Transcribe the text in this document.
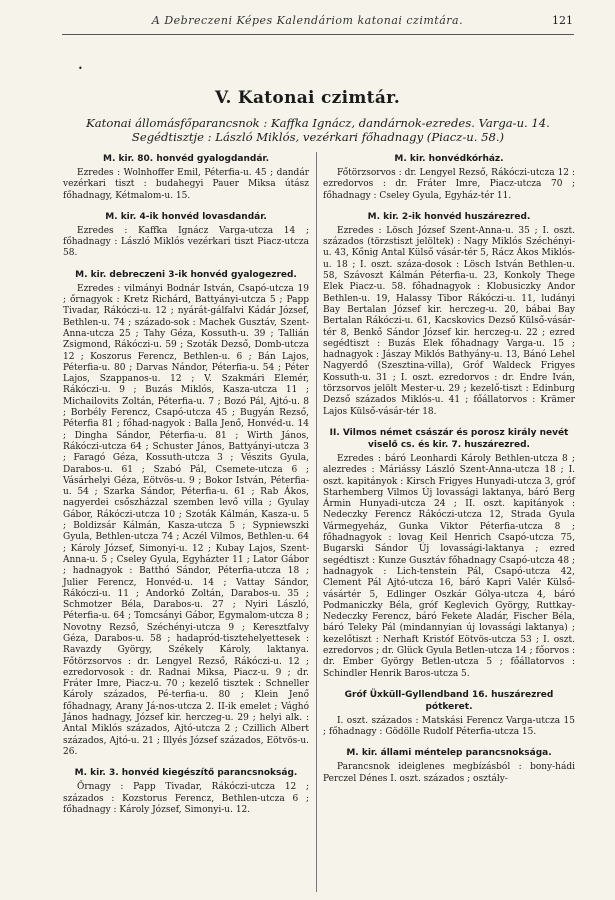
A Debreczeni Képes Kalendáriom katonai czimtára.	121
•
V. Katonai czimtár.
Katonai állomásfőparancsnok : Kaffka Ignácz, dandárnok-ezredes. Varga-u. 14.
Segédtisztje : László Miklós, vezérkari főhadnagy (Piacz-u. 58.)
M. kir. 80. honvéd gyalogdandár.

Ezredes : Wolnhoffer Emil, Péterfia-u. 45 ; dandár vezérkari tiszt : budahegyi Pauer Miksa útász főhadnagy, Kétmalom-u. 15.

M. kir. 4-ik honvéd lovasdandár.

Ezredes : Kaffka Ignácz Varga-utcza 14 ; főhadnagy : László Miklós vezérkari tiszt Piacz-utcza 58.

M. kir. debreczeni 3-ik honvéd gyalogezred.

Ezredes : vilmányi Bodnár István, Csapó-utcza 19 ; őrnagyok : Kretz Richárd, Battyányi-utcza 5 ; Papp Tivadar, Rákóczi-u. 12 ; nyárát-gálfalvi Kádár József, Bethlen-u. 74 ; százado-sok : Machek Gusztáv, Szent-Anna-utcza 25 ; Tahy Géza, Kossuth-u. 39 ; Tallián Zsigmond, Rákóczi-u. 59 ; Szoták Dezső, Domb-utcza 12 ; Koszorus Ferencz, Bethlen-u. 6 ; Bán Lajos, Péterfia-u. 80 ; Darvas Nándor, Péterfia-u. 54 ; Péter Lajos, Szappanos-u. 12 ; V. Szakmári Elemér, Rákóczi-u. 9 ; Buzás Miklós, Kasza-utcza 11 ; Michailovits Zoltán, Péterfia-u. 7 ; Bozó Pál, Ajtó-u. 8 ; Borbély Ferencz, Csapó-utcza 45 ; Bugyán Rezső, Péterfia 81 ; főhad-nagyok : Balla Jenő, Honvéd-u. 14 ; Dingha Sándor, Péterfia-u. 81 ; Wirth János, Rákóczi-utcza 64 ; Schuster János, Battyányi-utcza 3 ; Faragó Géza, Kossuth-utcza 3 ; Vészits Gyula, Darabos-u. 61 ; Szabó Pál, Csemete-utcza 6 ; Vásárhelyi Géza, Eötvös-u. 9 ; Bokor István, Péterfia-u. 54 ; Szarka Sándor, Péterfia-u. 61 ; Rab Ákos, nagyerdei csőszházzal szemben levő villa ; Gyulay Gábor, Rákóczi-utcza 10 ; Szoták Kálmán, Kasza-u. 5 ; Boldizsár Kálmán, Kasza-utcza 5 ; Sypniewszki Gyula, Bethlen-utcza 74 ; Aczél Vilmos, Bethlen-u. 64 ; Károly József, Simonyi-u. 12 ; Kubay Lajos, Szent-Anna-u. 5 ; Cseley Gyula, Egyházter 11 ; Lator Gábor ; hadnagyok : Batthó Sándor, Péterfia-utcza 18 ; Julier Ferencz, Honvéd-u. 14 ; Vattay Sándor, Rákóczi-u. 11 ; Andorkó Zoltán, Darabos-u. 35 ; Schmotzer Béla, Darabos-u. 27 ; Nyiri László, Péterfia-u. 64 ; Tomcsányi Gábor, Egymalom-utcza 8 ; Novotny Rezső, Széchényi-utcza 9 ; Keresztfalvy Géza, Darabos-u. 58 ; hadapród-tisztehelyettesek : Ravazdy György, Székely Károly, laktanya. Főtörzsorvos : dr. Lengyel Rezső, Rákóczi-u. 12 ; ezredorvosok : dr. Radnai Miksa, Piacz-u. 9 ; dr. Fráter Imre, Piacz-u. 70 ; kezelő tisztek : Schneller Károly százados, Pé-terfia-u. 80 ; Klein Jenő főhadnagy, Arany Já-nos-utcza 2. II-ik emelet ; Vághó János hadnagy, József kir. herczeg-u. 29 ; helyi alk. : Antal Miklós százados, Ajtó-utcza 2 ; Czillich Albert százados, Ajtó-u. 21 ; Illyés József százados, Eötvös-u. 26.

M. kir. 3. honvéd kiegészítő parancsnokság.

Őrnagy : Papp Tivadar, Rákóczi-utcza 12 ; százados : Kozstorus Ferencz, Bethlen-utcza 6 ; főhadnagy : Károly József, Simonyi-u. 12.

M. kir. honvédkórház.

Főtörzsorvos : dr. Lengyel Rezső, Rákóczi-utcza 12 : ezredorvos : dr. Fráter Imre, Piacz-utcza 70 ; főhadnagy : Cseley Gyula, Egyház-tér 11.

M. kir. 2-ik honvéd huszárezred.

Ezredes : Lösch József Szent-Anna-u. 35 ; I. oszt. százados (törzstiszt jelöltek) : Nagy Miklós Széchényi-u. 43, Kőnig Antal Külső vásár-tér 5, Rácz Ákos Miklós-u. 18 ; I. oszt. száza-dosok : Lösch István Bethlen-u. 58, Szávoszt Kálmán Péterfia-u. 23, Konkoly Thege Elek Piacz-u. 58. főhadnagyok : Klobusiczky Andor Bethlen-u. 19, Halassy Tibor Rákóczi-u. 11, ludányi Bay Bertalan József kir. herczeg-u. 20, bábai Bay Bertalan Rákóczi-u. 61, Kacskovics Dezső Külső-vásár-tér 8, Benkő Sándor József kir. herczeg-u. 22 ; ezred segédtiszt : Buzás Elek főhadnagy Varga-u. 15 ; hadnagyok : Jászay Miklós Bathyány-u. 13, Bánó Lehel Nagyerdő (Szesztina-villa), Gróf Waldeck Frigyes Kossuth-u. 31 ; I. oszt. ezredorvos : dr. Endre Iván, törzsorvos jelölt Mester-u. 29 ; kezelő-tiszt : Edinburg Dezső százados Miklós-u. 41 ; főállatorvos : Krämer Lajos Külső-vásár-tér 18.

II. Vilmos német császár és porosz király nevét viselő cs. és kir. 7. huszárezred.

Ezredes : báró Leonhardi Károly Bethlen-utcza 8 ; alezredes : Máriássy László Szent-Anna-utcza 18 ; I. oszt. kapitányok : Kirsch Frigyes Hunyadi-utcza 3, gróf Starhemberg Vilmos Új lovassági laktanya, báró Berg Ármin Hunyadi-utcza 24 ; II. oszt. kapitányok : Nedeczky Ferencz Rákóczi-utcza 12, Strada Gyula Vármegyeház, Gunka Viktor Péterfia-utcza 8 ; főhadnagyok : lovag Keil Henrich Csapó-utcza 75, Bugarski Sándor Új lovassági-laktanya ; ezred segédtiszt : Kunze Gusztáv főhadnagy Csapó-utcza 48 ; hadnagyok : Lich-tenstein Pál, Csapó-utcza 42, Clement Pál Ajtó-utcza 16, báró Kapri Valér Külső-vásártér 5, Edlinger Oszkár Gólya-utcza 4, báró Podmaniczky Béla, gróf Keglevich György, Ruttkay-Nedeczky Ferencz, báró Fekete Aladár, Fischer Béla, báró Teleky Pál (mindannyian új lovassági laktanya) ; kezelőtiszt : Nerhaft Kristóf Eötvös-utcza 53 ; I. oszt. ezredorvos ; dr. Glück Gyula Betlen-utcza 14 ; főorvos : dr. Ember György Betlen-utcza 5 ; főállatorvos : Schindler Henrik Baros-utcza 5.

Gróf Üxküll-Gyllendband 16. huszárezred pótkeret.

I. oszt. százados : Matskási Ferencz Varga-utcza 15 ; főhadnagy : Gödölle Rudolf Péterfia-utcza 15.

M. kir. állami méntelep parancsnoksága.

Parancsnok ideiglenes megbízásból : bony-hádi Perczel Dénes I. oszt. százados ; osztály-
